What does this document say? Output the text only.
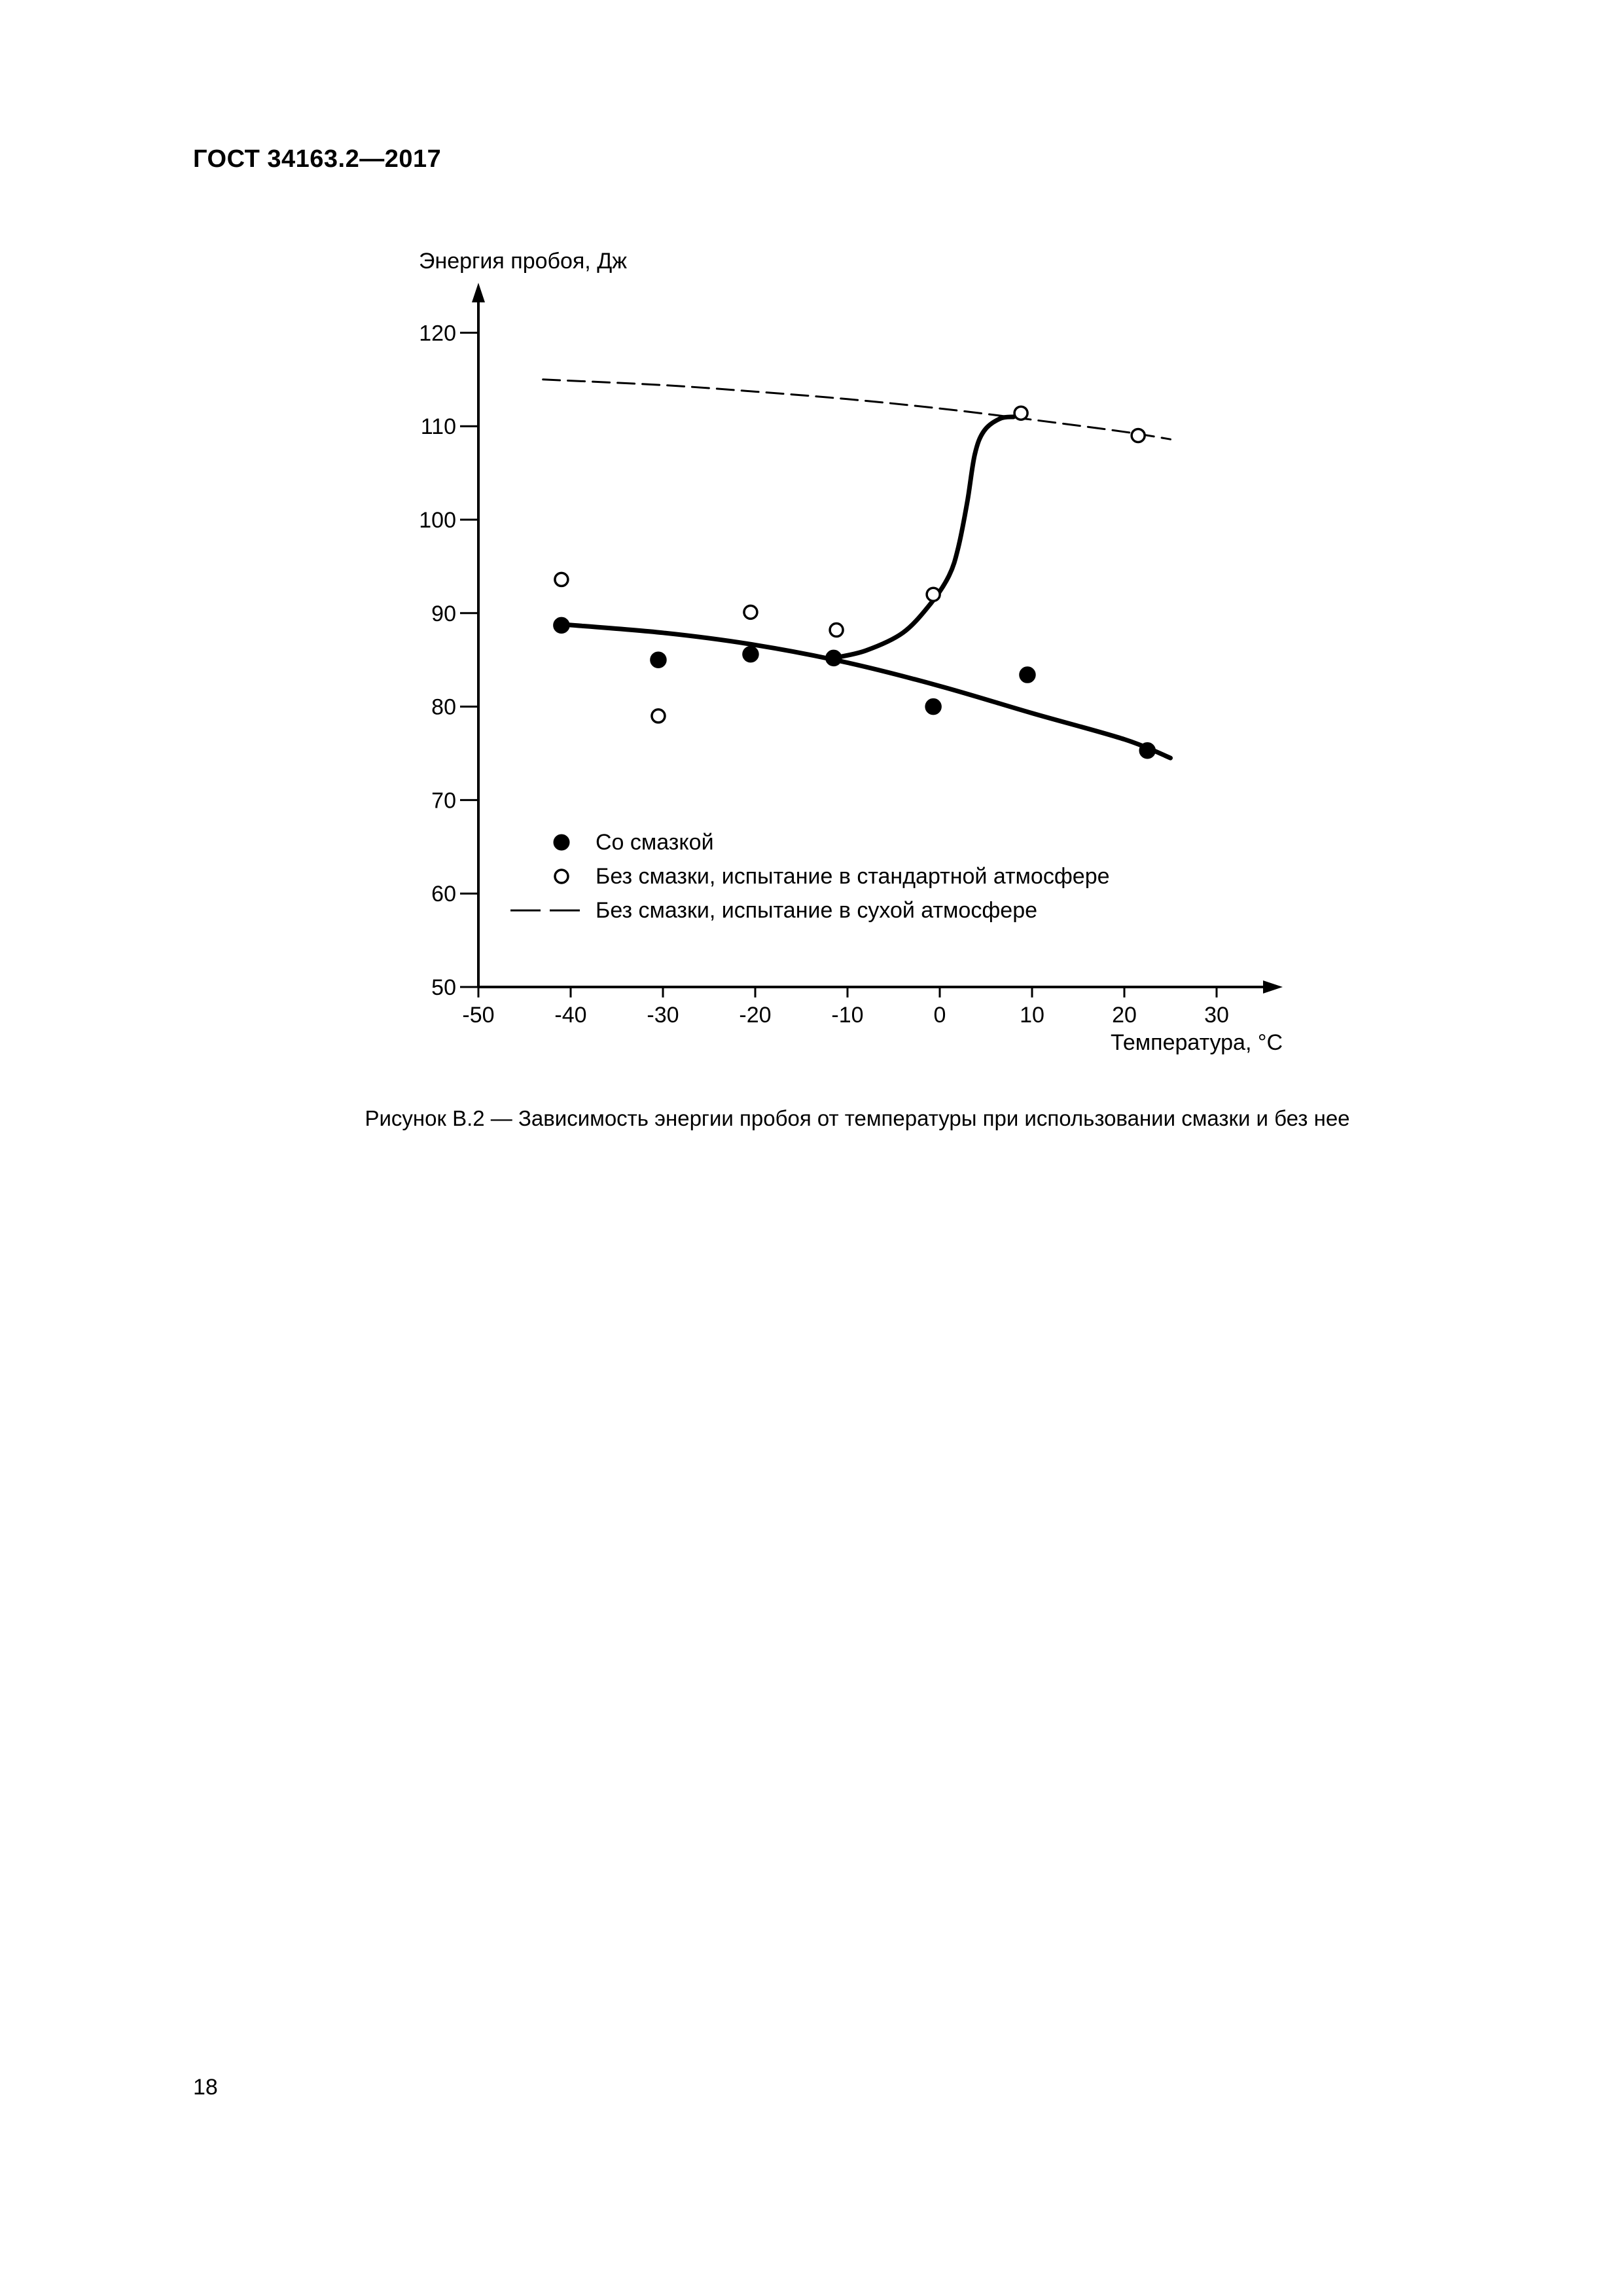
ГОСТ 34163.2—2017
-50	-40	-30	-20	-10	0	10	20	30
50
60
70
80
90
100
110
120
Энергия пробоя, Дж
Температура, °C
Со смазкой
Без смазки, испытание в стандартной атмосфере
Без смазки, испытание в сухой атмосфере
Рисунок В.2 — Зависимость энергии пробоя от температуры при использовании смазки и без нее
18
